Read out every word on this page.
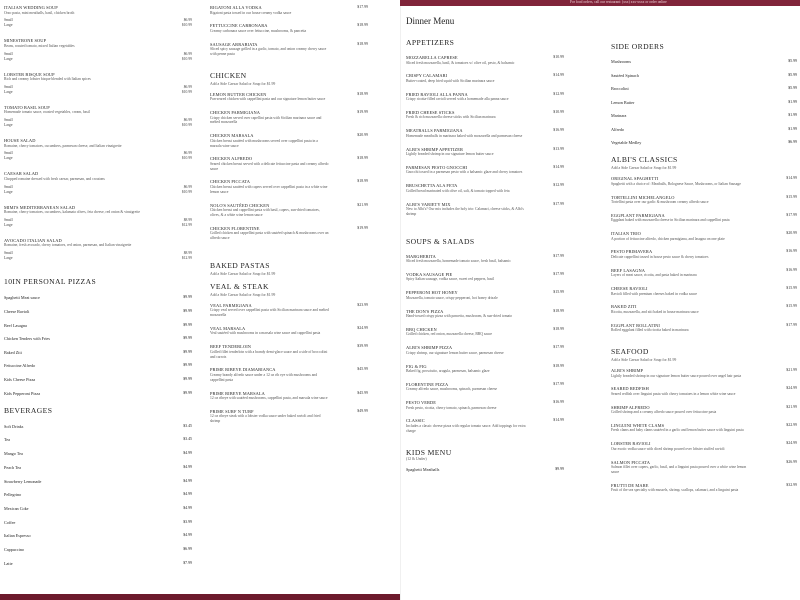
For food orders, call our restaurant: (xxx) xxx-xxxx or order online
ITALIAN WEDDING SOUP
Orzo pasta, mini meatballs, basil, chicken broth
Small	$6.99
Large	$10.99
MINESTRONE SOUP
Beans, roasted tomato, mixed Italian vegetables
Small	$6.99
Large	$10.99
LOBSTER BISQUE SOUP
Rich and creamy lobster bisque blended with Italian spices
Small	$6.99
Large	$10.99
TOMATO BASIL SOUP
Homemade tomato sauce, roasted vegetables, cream, basil
Small	$6.99
Large	$10.99
HOUSE SALAD
Romaine, cherry tomatoes, cucumbers, parmesan cheese, and Italian vinaigrette
Small	$6.99
Large	$10.99
CAESAR SALAD
Chopped romaine dressed with fresh caesar, parmesan, and croutons
Small	$6.99
Large	$10.99
MIMI'S MEDITERRANEAN SALAD
Romaine, cherry tomatoes, cucumbers, kalamata olives, feta cheese, red onion & vinaigrette
Small	$8.99
Large	$12.99
AVOCADO ITALIAN SALAD
Romaine, fresh avocado, cherry tomatoes, red onion, parmesan, and Italian vinaigrette
Small	$8.99
Large	$12.99
10IN PERSONAL PIZZAS
Spaghetti Meat sauce	$9.99
Cheese Ravioli	$9.99
Beef Lasagna	$9.99
Chicken Tenders with Fries	$9.99
Baked Ziti	$9.99
Fettuccine Alfredo	$9.99
Kids Cheese Pizza	$9.99
Kids Pepperoni Pizza	$9.99
BEVERAGES
Soft Drinks	$3.45
Tea	$3.45
Mango Tea	$4.99
Peach Tea	$4.99
Strawberry Lemonade	$4.99
Pellegrino	$4.99
Mexican Coke	$4.99
Coffee	$3.99
Italian Espresso	$4.99
Cappuccino	$6.99
Latte	$7.99
RIGATONI ALLA VODKA
Rigatoni pasta tossed in our house creamy vodka sauce
$17.99
FETTUCCINE CARBONARA
Creamy carbonara sauce over fettuccine, mushrooms, & pancetta
$18.99
SAUSAGE ARRABIATA
Sliced spicy sausage grilled in a garlic, tomato, and onion creamy cherry sauce with penne pasta
$18.99
CHICKEN
Add a Side Caesar Salad or Soup for $1.99
LEMON BUTTER CHICKEN
Pan-seared chicken with cappellini pasta and our signature lemon butter sauce
$18.99
CHICKEN PARMIGIANA
Crispy chicken served over capellini pasta with Sicilian marinara sauce and melted mozzarella
$19.99
CHICKEN MARSALA
Chicken breast sautéed with mushrooms served over cappellini pasta in a marsala wine sauce
$20.99
CHICKEN ALFREDO
Seared chicken breast served with a delicate fettuccine pasta and creamy alfredo sauce
$18.99
CHICKEN PICCATA
Chicken breast sautéed with capers served over cappellini pasta in a white wine lemon sauce
$18.99
NOLO'S SAUTÉED CHICKEN
Chicken breast and cappellini pasta with basil, capers, sun-dried tomatoes, olives, & a white wine lemon sauce
$21.99
CHICKEN FLORENTINE
Grilled chicken and cappellini pasta with sautéed spinach & mushrooms over an alfredo sauce
$19.99
BAKED PASTAS
Add a Side Caesar Salad or Soup for $1.99
VEAL & STEAK
Add a Side Caesar Salad or Soup for $1.99
VEAL PARMIGIANA
Crispy veal served over cappellini pasta with Sicilian marinara sauce and melted mozzarella
$23.99
VEAL MARSALA
Veal sautéed with mushrooms in a marsala wine sauce and cappellini pasta
$24.99
BEEF TENDERLOIN
Grilled fillet tenderloin with a brandy demi-glace sauce and a side of broccolini and carrots
$39.99
PRIME RIBEYE DIAMABIANCA
Creamy brandy alfredo sauce under a 12 oz rib eye with mushrooms and cappellini pasta
$45.99
PRIME RIBEYE MARSALA
12 oz ribeye with sautéed mushrooms, cappellini pasta, and marsala wine sauce
$45.99
PRIME SURF N TURF
12 oz ribeye steak with a lobster vodka sauce under baked ravioli and fried shrimp
$49.99
Dinner Menu
APPETIZERS
MOZZARELLA CAPRESE
Sliced fresh mozzarella, basil, & tomatoes w/ olive oil, pesto, & balsamic
$10.99
CRISPY CALAMARI
Butter-coated, deep fried squid with Sicilian marinara sauce
$14.99
FRIED RAVIOLI ALLA PANNA
Crispy ricotta-filled ravioli served with a homemade alla panna sauce
$12.99
FRIED CHEESE STICKS
Fresh & rich mozzarella cheese sticks with Sicilian marinara
$10.99
MEATBALLS PARMIGIANA
Homemade meatballs in marinara baked with mozzarella and parmesan cheese
$16.99
ALBI'S SHRIMP APPETIZER
Lightly breaded shrimp in our signature lemon butter sauce
$13.99
PARMESAN PESTO GNOCCHI
Gnocchi tossed in a parmesan pesto with a balsamic glaze and cherry tomatoes
$14.99
BRUSCHETTA ALA FETA
Grilled bread marinated with olive oil, salt, & tomato topped with feta
$12.99
ALBI'S VARIETY MIX
New to Albi's? Our mix includes the holy trio: Calamari, cheese sticks, & Albi's shrimp
$17.99
SOUPS & SALADS
MARGHERITA
Sliced fresh mozzarella, homemade tomato sauce, fresh basil, balsamic
$17.99
VODKA SAUSAGE PIE
Spicy Italian sausage, vodka sauce, sweet red peppers, basil
$17.99
PEPPERONI HOT HONEY
Mozzarella, tomato sauce, crispy pepperoni, hot honey drizzle
$15.99
THE DON'S PIZZA
Hand-tossed crispy pizza with pancetta, mushroom, & sun-dried tomato
$18.99
BBQ CHICKEN
Grilled chicken, red onion, mozzarella cheese, BBQ sauce
$18.99
ALBI'S SHRIMP PIZZA
Crispy shrimp, our signature lemon butter sauce, parmesan cheese
$17.99
FIG & FIG
Baked fig, prosciutto, arugula, parmesan, balsamic glaze
$18.99
FLORENTINE PIZZA
Creamy alfredo sauce, mushrooms, spinach, parmesan cheese
$17.99
PESTO VERDE
Fresh pesto, ricotta, cherry tomato, spinach, parmesan cheese
$16.99
CLASSIC
Includes a classic cheese pizza with regular tomato sauce. Add toppings for extra charge
$14.99
KIDS MENU
(12 & Under)
Spaghetti Meatballs	$9.99
SIDE ORDERS
Mushrooms	$5.99
Sautéed Spinach	$5.99
Broccolini	$5.99
Lemon Butter	$1.99
Marinara	$1.99
Alfredo	$1.99
Vegetable Medley	$6.99
ALBI'S CLASSICS
Add a Side Caesar Salad or Soup for $1.99
ORIGINAL SPAGHETTI
Spaghetti with a choice of: Meatballs, Bolognese Sauce, Mushrooms, or Italian Sausage
$14.99
TORTELLINI MICHELANGELO
Tortellini pasta over our garlic & mushroom creamy alfredo sauce
$15.99
EGGPLANT PARMIGIANA
Eggplant baked with mozzarella cheese in Sicilian marinara and cappellini pasta
$17.99
ITALIAN TRIO
A portion of fettuccine alfredo, chicken parmigiana, and lasagna on one plate
$20.99
PESTO PRIMAVERA
Delicate cappellini tossed in house pesto sauce & cherry tomatoes
$16.99
BEEF LASAGNA
Layers of meat sauce, ricotta, and pasta baked in marinara
$16.99
CHEESE RAVIOLI
Ravioli filled with premium cheeses baked in vodka sauce
$15.99
BAKED ZITI
Ricotta, mozzarella, and ziti baked in house marinara sauce
$15.99
EGGPLANT ROLLATINI
Rolled eggplant filled with ricotta baked in marinara
$17.99
SEAFOOD
Add a Side Caesar Salad or Soup for $1.99
ALBI'S SHRIMP
Lightly breaded shrimp in our signature lemon butter sauce poured over angel hair pasta
$21.99
SEARED REDFISH
Seared redfish over linguini pasta with cherry tomatoes in a lemon white wine sauce
$24.99
SHRIMP ALFREDO
Grilled shrimp and a creamy alfredo sauce poured over fettuccine pasta
$21.99
LINGUINI WHITE CLAMS
Fresh clams and baby clams sautéed in a garlic and lemon butter sauce with linguini pasta
$22.99
LOBSTER RAVIOLI
Our exotic vodka sauce with diced shrimp poured over lobster stuffed ravioli
$24.99
SALMON PICCATA
Salmon fillet over capers, garlic, basil, and a linguini pasta poured over a white wine lemon sauce
$26.99
FRUTTI DE MARE
Fruit of the sea specialty with mussels, shrimp, scallops, calamari, and a linguini pasta
$32.99
